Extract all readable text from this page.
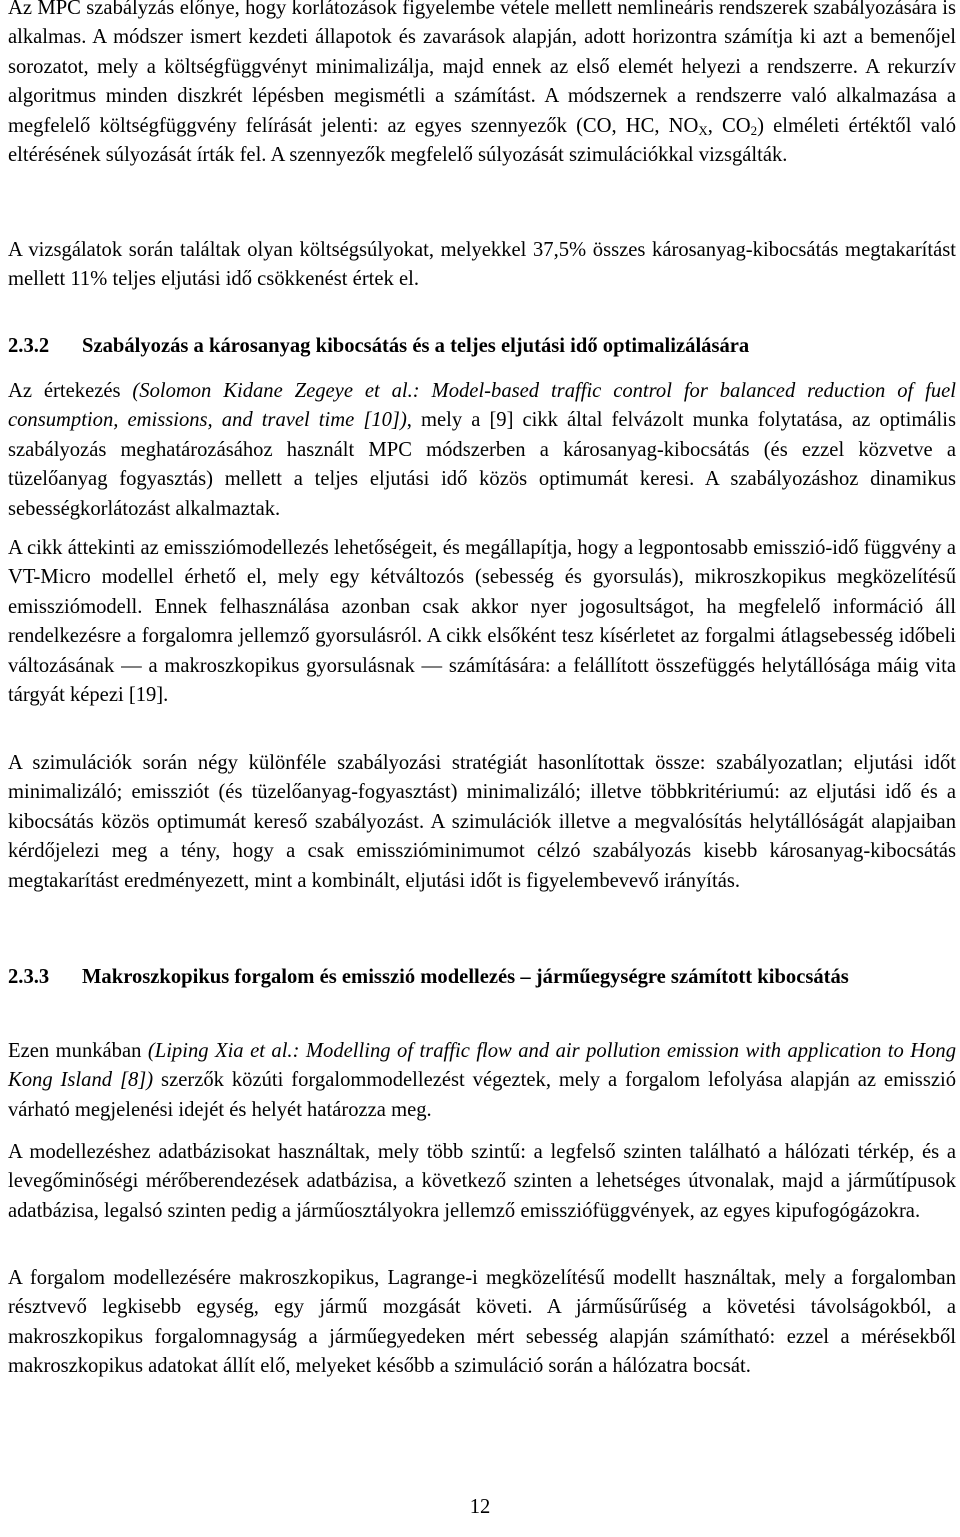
Az MPC szabályzás előnye, hogy korlátozások figyelembe vétele mellett nemlineáris rendszerek szabályozására is alkalmas. A módszer ismert kezdeti állapotok és zavarások alapján, adott horizontra számítja ki azt a bemenőjel sorozatot, mely a költségfüggvényt minimalizálja, majd ennek az első elemét helyezi a rendszerre. A rekurzív algoritmus minden diszkrét lépésben megismétli a számítást. A módszernek a rendszerre való alkalmazása a megfelelő költségfüggvény felírását jelenti: az egyes szennyezők (CO, HC, $NO_X$, $CO_2$) elméleti értéktől való eltérésének súlyozását írták fel. A szennyezők megfelelő súlyozását szimulációkkal vizsgálták.

A vizsgálatok során találtak olyan költségsúlyokat, melyekkel 37,5% összes károsanyag-kibocsátás megtakarítást mellett 11% teljes eljutási idő csökkenést értek el.

2.3.2	Szabályozás a károsanyag kibocsátás és a teljes eljutási idő optimalizálására

Az értekezés (Solomon Kidane Zegeye et al.: Model-based traffic control for balanced reduction of fuel consumption, emissions, and travel time [10]), mely a [9] cikk által felvázolt munka folytatása, az optimális szabályozás meghatározásához használt MPC módszerben a károsanyag-kibocsátás (és ezzel közvetve a tüzelőanyag fogyasztás) mellett a teljes eljutási idő közös optimumát keresi. A szabályozáshoz dinamikus sebességkorlátozást alkalmaztak.

A cikk áttekinti az emissziómodellezés lehetőségeit, és megállapítja, hogy a legpontosabb emisszió-idő függvény a VT-Micro modellel érhető el, mely egy kétváltozós (sebesség és gyorsulás), mikroszkopikus megközelítésű emissziómodell. Ennek felhasználása azonban csak akkor nyer jogosultságot, ha megfelelő információ áll rendelkezésre a forgalomra jellemző gyorsulásról. A cikk elsőként tesz kísérletet az forgalmi átlagsebesség időbeli változásának — a makroszkopikus gyorsulásnak — számítására: a felállított összefüggés helytállósága máig vita tárgyát képezi [19].

A szimulációk során négy különféle szabályozási stratégiát hasonlítottak össze: szabályozatlan; eljutási időt minimalizáló; emissziót (és tüzelőanyag-fogyasztást) minimalizáló; illetve többkritériumú: az eljutási idő és a kibocsátás közös optimumát kereső szabályozást. A szimulációk illetve a megvalósítás helytállóságát alapjaiban kérdőjelezi meg a tény, hogy a csak emisszióminimumot célzó szabályozás kisebb károsanyag-kibocsátás megtakarítást eredményezett, mint a kombinált, eljutási időt is figyelembevevő irányítás.

2.3.3	Makroszkopikus forgalom és emisszió modellezés – járműegységre számított kibocsátás

Ezen munkában (Liping Xia et al.: Modelling of traffic flow and air pollution emission with application to Hong Kong Island [8]) szerzők közúti forgalommodellezést végeztek, mely a forgalom lefolyása alapján az emisszió várható megjelenési idejét és helyét határozza meg.

A modellezéshez adatbázisokat használtak, mely több szintű: a legfelső szinten található a hálózati térkép, és a levegőminőségi mérőberendezések adatbázisa, a következő szinten a lehetséges útvonalak, majd a járműtípusok adatbázisa, legalsó szinten pedig a járműosztályokra jellemző emissziófüggvények, az egyes kipufogógázokra.

A forgalom modellezésére makroszkopikus, Lagrange-i megközelítésű modellt használtak, mely a forgalomban résztvevő legkisebb egység, egy jármű mozgását követi. A járműsűrűség a követési távolságokból, a makroszkopikus forgalomnagyság a járműegyedeken mért sebesség alapján számítható: ezzel a mérésekből makroszkopikus adatokat állít elő, melyeket később a szimuláció során a hálózatra bocsát.

12
